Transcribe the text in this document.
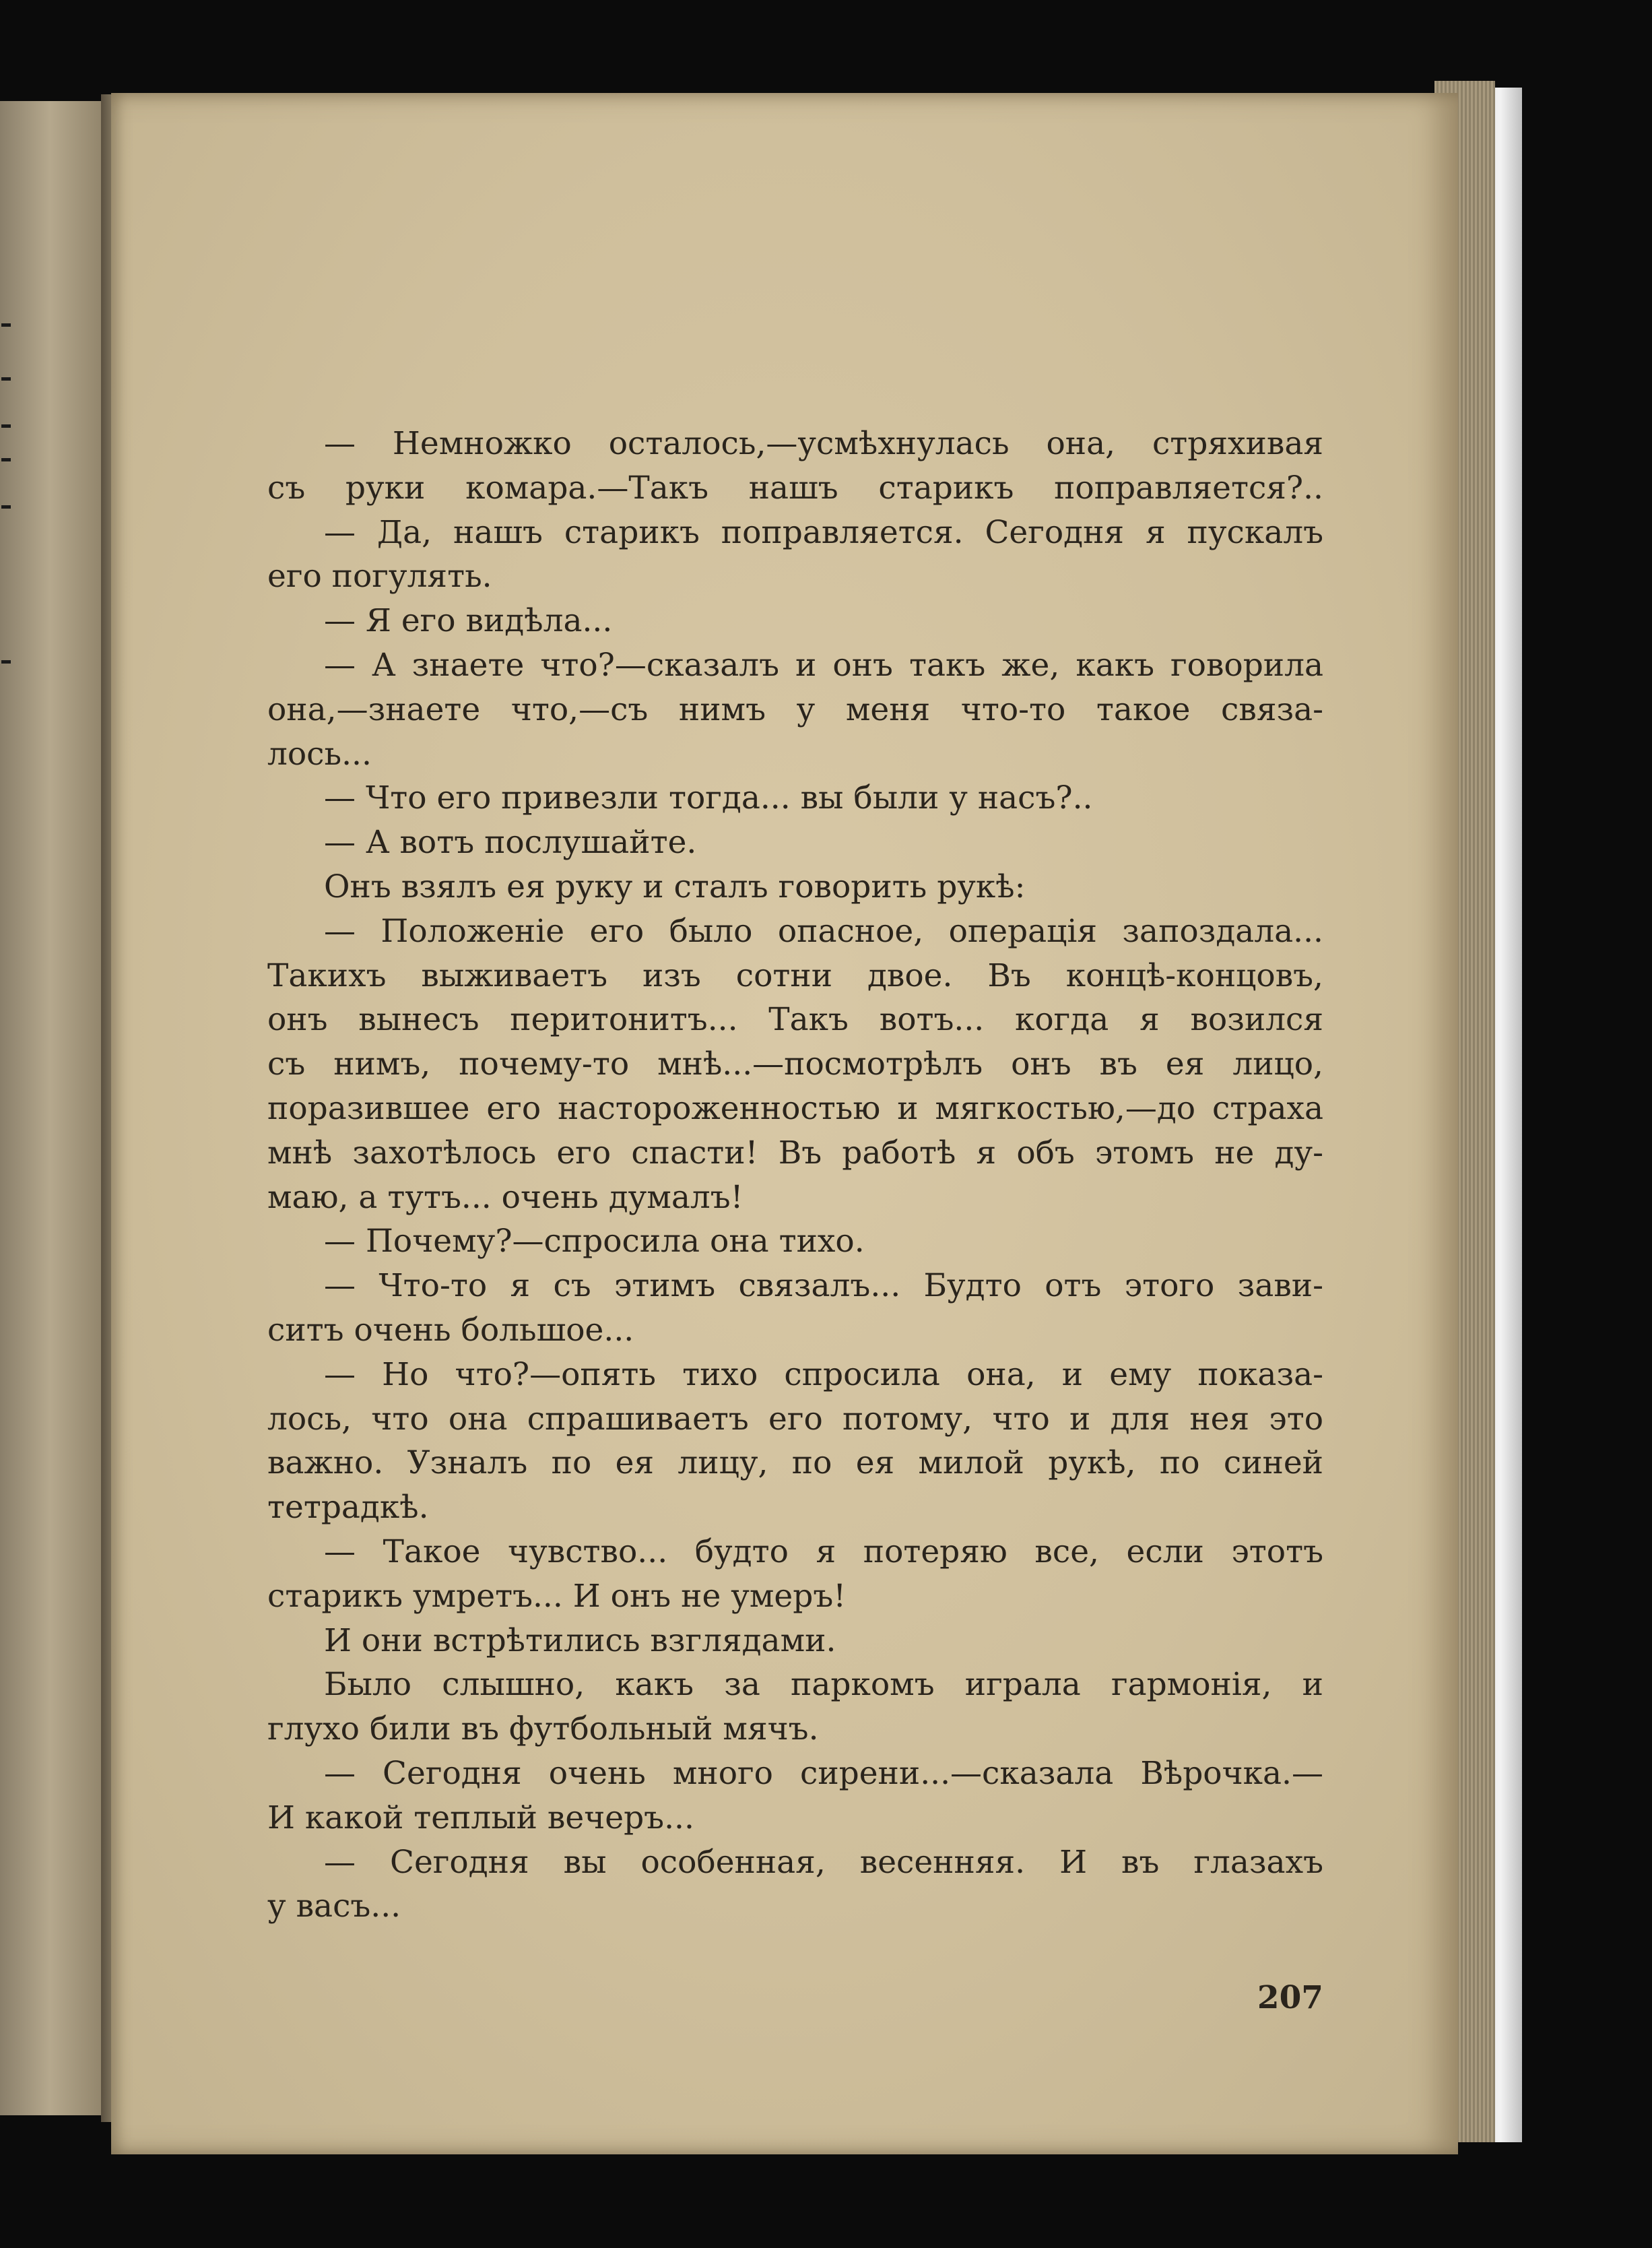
— Немножко осталось,—усмѣхнулась она, стряхивая
съ руки комара.—Такъ нашъ старикъ поправляется?..
— Да, нашъ старикъ поправляется. Сегодня я пускалъ
его погулять.
— Я его видѣла...
— А знаете что?—сказалъ и онъ такъ же, какъ говорила
она,—знаете что,—съ нимъ у меня что-то такое связа-
лось...
— Что его привезли тогда... вы были у насъ?..
— А вотъ послушайте.
Онъ взялъ ея руку и сталъ говорить рукѣ:
— Положеніе его было опасное, операція запоздала...
Такихъ выживаетъ изъ сотни двое. Въ концѣ-концовъ,
онъ вынесъ перитонитъ... Такъ вотъ... когда я возился
съ нимъ, почему-то мнѣ...—посмотрѣлъ онъ въ ея лицо,
поразившее его настороженностью и мягкостью,—до страха
мнѣ захотѣлось его спасти! Въ работѣ я объ этомъ не ду-
маю, а тутъ... очень думалъ!
— Почему?—спросила она тихо.
— Что-то я съ этимъ связалъ... Будто отъ этого зави-
ситъ очень большое...
— Но что?—опять тихо спросила она, и ему показа-
лось, что она спрашиваетъ его потому, что и для нея это
важно. Узналъ по ея лицу, по ея милой рукѣ, по синей
тетрадкѣ.
— Такое чувство... будто я потеряю все, если этотъ
старикъ умретъ... И онъ не умеръ!
И они встрѣтились взглядами.
Было слышно, какъ за паркомъ играла гармонія, и
глухо били въ футбольный мячъ.
— Сегодня очень много сирени...—сказала Вѣрочка.—
И какой теплый вечеръ...
— Сегодня вы особенная, весенняя. И въ глазахъ
у васъ...
207
